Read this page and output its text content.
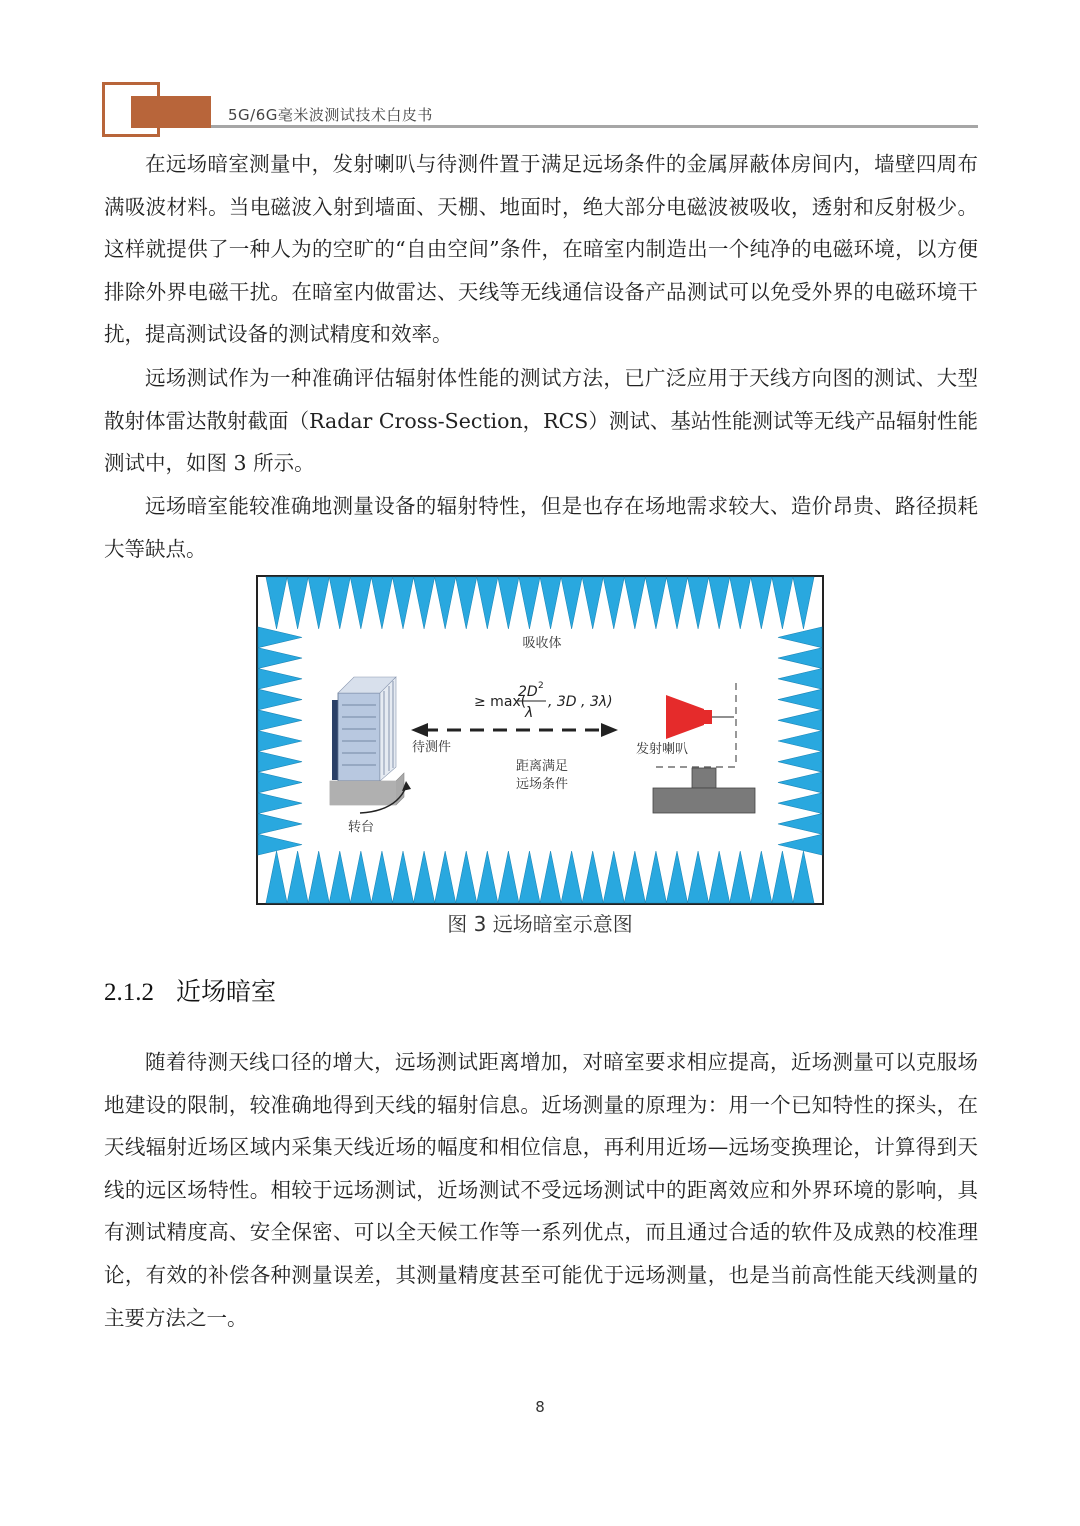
5G/6G毫米波测试技术白皮书

在远场暗室测量中，发射喇叭与待测件置于满足远场条件的金属屏蔽体房间内，墙壁四周布满吸波材料。当电磁波入射到墙面、天棚、地面时，绝大部分电磁波被吸收，透射和反射极少。这样就提供了一种人为的空旷的“自由空间”条件，在暗室内制造出一个纯净的电磁环境，以方便排除外界电磁干扰。在暗室内做雷达、天线等无线通信设备产品测试可以免受外界的电磁环境干扰，提高测试设备的测试精度和效率。

远场测试作为一种准确评估辐射体性能的测试方法，已广泛应用于天线方向图的测试、大型散射体雷达散射截面（Radar Cross-Section，RCS）测试、基站性能测试等无线产品辐射性能测试中，如图 3 所示。

远场暗室能较准确地测量设备的辐射特性，但是也存在场地需求较大、造价昂贵、路径损耗大等缺点。

吸收体
≥ max(
2D 2
λ
, 3D , 3λ)
待测件
转台
距离满足
远场条件
发射喇叭
图 3 远场暗室示意图
2.1.2 近场暗室

随着待测天线口径的增大，远场测试距离增加，对暗室要求相应提高，近场测量可以克服场地建设的限制，较准确地得到天线的辐射信息。近场测量的原理为：用一个已知特性的探头，在天线辐射近场区域内采集天线近场的幅度和相位信息，再利用近场—远场变换理论，计算得到天线的远区场特性。相较于远场测试，近场测试不受远场测试中的距离效应和外界环境的影响，具有测试精度高、安全保密、可以全天候工作等一系列优点，而且通过合适的软件及成熟的校准理论，有效的补偿各种测量误差，其测量精度甚至可能优于远场测量，也是当前高性能天线测量的主要方法之一。

8
